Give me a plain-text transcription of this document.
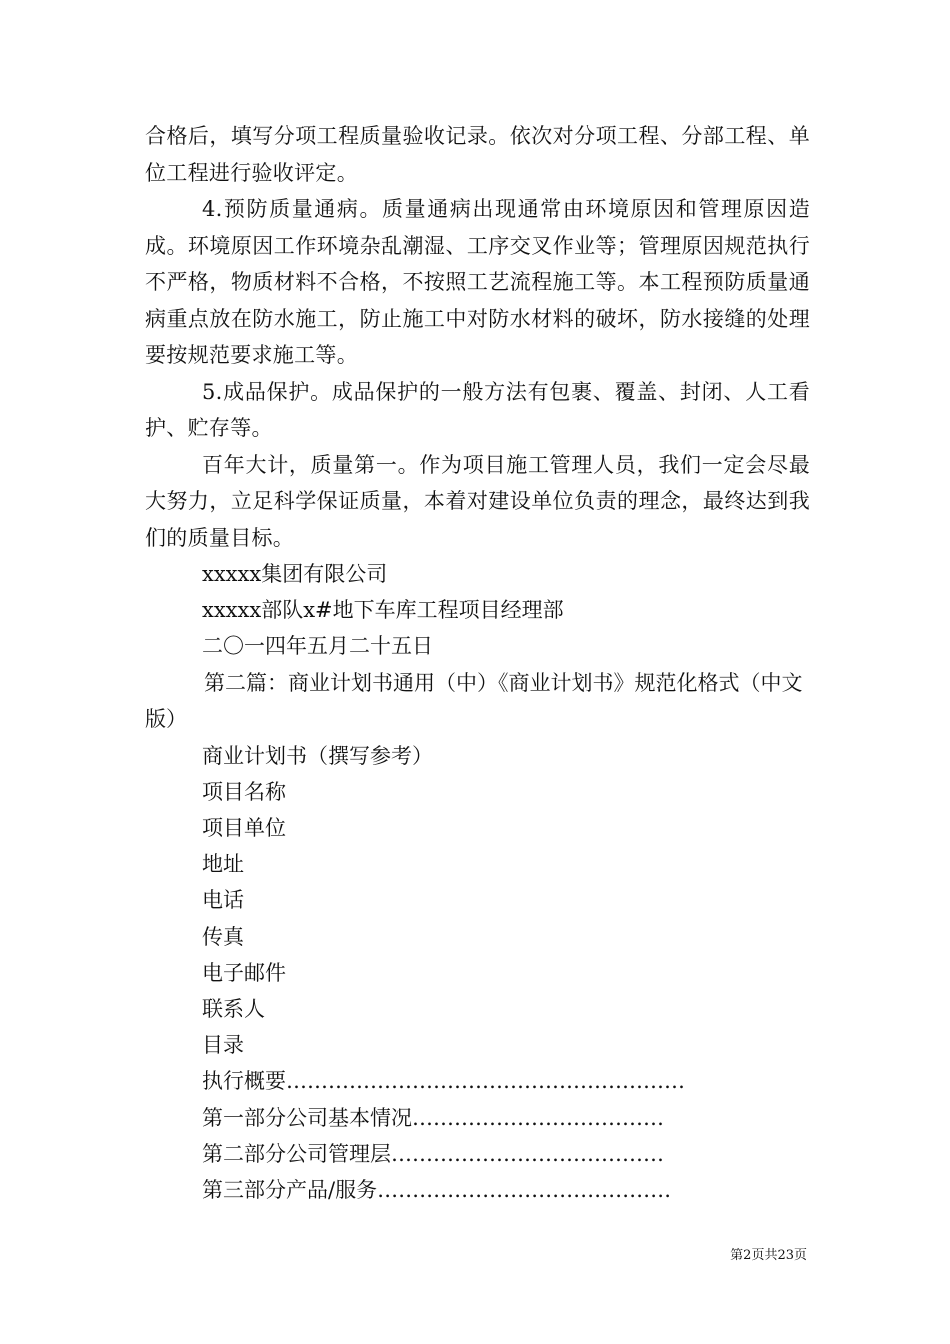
合格后，填写分项工程质量验收记录。依次对分项工程、分部工程、单位工程进行验收评定。

4.预防质量通病。质量通病出现通常由环境原因和管理原因造成。环境原因工作环境杂乱潮湿、工序交叉作业等；管理原因规范执行不严格，物质材料不合格，不按照工艺流程施工等。本工程预防质量通病重点放在防水施工，防止施工中对防水材料的破坏，防水接缝的处理要按规范要求施工等。

5.成品保护。成品保护的一般方法有包裹、覆盖、封闭、人工看护、贮存等。

百年大计，质量第一。作为项目施工管理人员，我们一定会尽最大努力，立足科学保证质量，本着对建设单位负责的理念，最终达到我们的质量目标。

xxxxx集团有限公司

xxxxx部队x#地下车库工程项目经理部

二〇一四年五月二十五日

第二篇：商业计划书通用（中）《商业计划书》规范化格式（中文版）

商业计划书（撰写参考）

项目名称

项目单位

地址

电话

传真

电子邮件

联系人

目录

执行概要…………………………………………………

第一部分公司基本情况………………………………

第二部分公司管理层…………………………………

第三部分产品/服务……………………………………

第2页共23页
